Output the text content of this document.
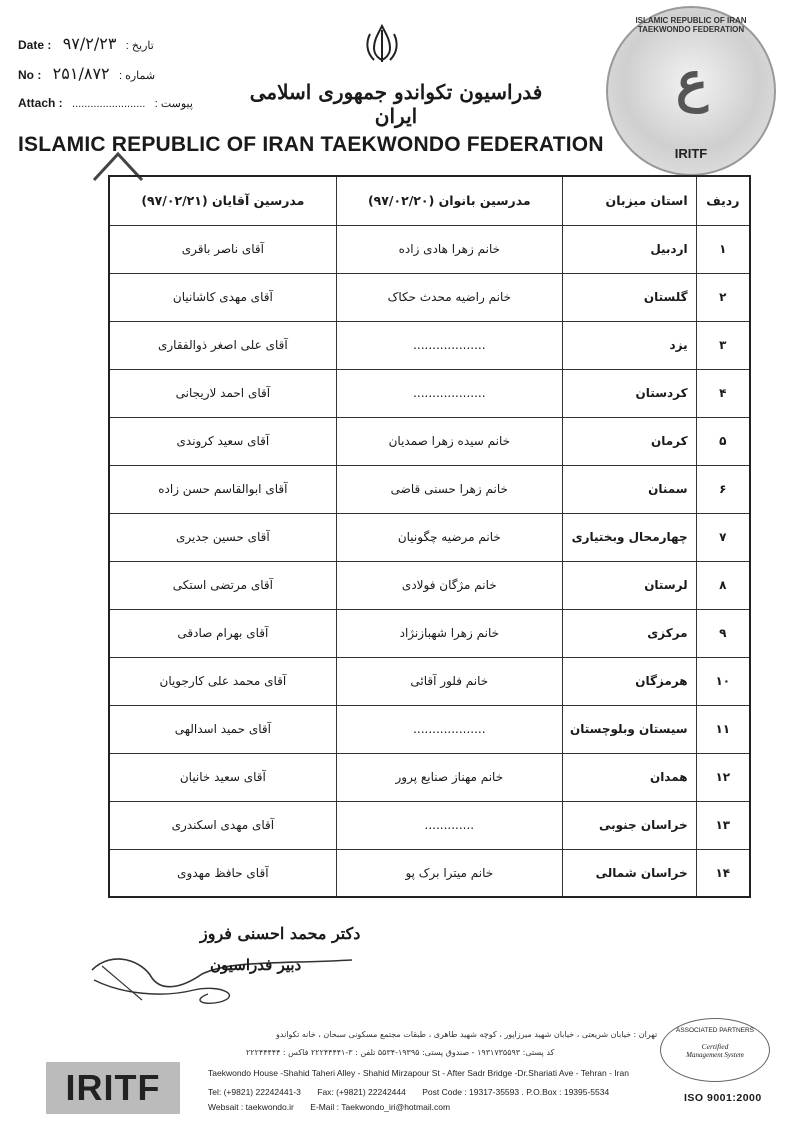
Date : ۹۷/۲/۲۳ : تاریخ
No : ۲۵۱/۸۷۲ : شماره
Attach : ........................ : پیوست	فدراسیون تکواندو جمهوری اسلامی ایران
ISLAMIC REPUBLIC OF IRAN TAEKWONDO FEDERATION
ISLAMIC REPUBLIC OF IRAN TAEKWONDO FEDERATION
ع
IRITF
ردیف	استان میزبان	مدرسین بانوان (۹۷/۰۲/۲۰)	مدرسین آقایان (۹۷/۰۲/۲۱)
۱	اردبیل	خانم زهرا هادی زاده	آقای ناصر باقری
۲	گلستان	خانم راضیه محدث حکاک	آقای مهدی کاشانیان
۳	یزد	...................	آقای علی اصغر ذوالفقاری
۴	کردستان	...................	آقای احمد لاریجانی
۵	کرمان	خانم سیده زهرا صمدیان	آقای سعید کروندی
۶	سمنان	خانم زهرا حسنی قاضی	آقای ابوالقاسم حسن زاده
۷	چهارمحال وبختیاری	خانم مرضیه چگونیان	آقای حسین جدیری
۸	لرستان	خانم مژگان فولادی	آقای مرتضی استکی
۹	مرکزی	خانم زهرا شهبازنژاد	آقای بهرام صادقی
۱۰	هرمزگان	خانم فلور آقائی	آقای محمد علی کارجویان
۱۱	سیستان وبلوچستان	...................	آقای حمید اسدالهی
۱۲	همدان	خانم مهناز صنایع پرور	آقای سعید خانیان
۱۳	خراسان جنوبی	.............	آقای مهدی اسکندری
۱۴	خراسان شمالی	خانم میترا برک پو	آقای حافظ مهدوی
دکتر محمد احسنی فروز
دبیر فدراسیون
تهران : خیابان شریعتی ، خیابان شهید میرزاپور ، کوچه شهید طاهری ، طبقات مجتمع مسکونی سبحان ، خانه تکواندو
کد پستی: ۱۹۳۱۷۳۵۵۹۳ - صندوق پستی: ۱۹۳۹۵-۵۵۳۴ تلفن : ۳-۲۲۲۴۴۴۴۱ فاکس : ۲۲۲۴۴۴۴۴
IRITF	Taekwondo House -Shahid Taheri Alley - Shahid Mirzapour St - After Sadr Bridge -Dr.Shariati Ave - Tehran - Iran
Tel: (+9821) 22242441-3 Fax: (+9821) 22242444 Post Code : 19317-35593 . P.O.Box : 19395-5534
Websait : taekwondo.ir E-Mail : Taekwondo_iri@hotmail.com
ASSOCIATED PARTNERS
Certified
Management System
ISO 9001:2000
